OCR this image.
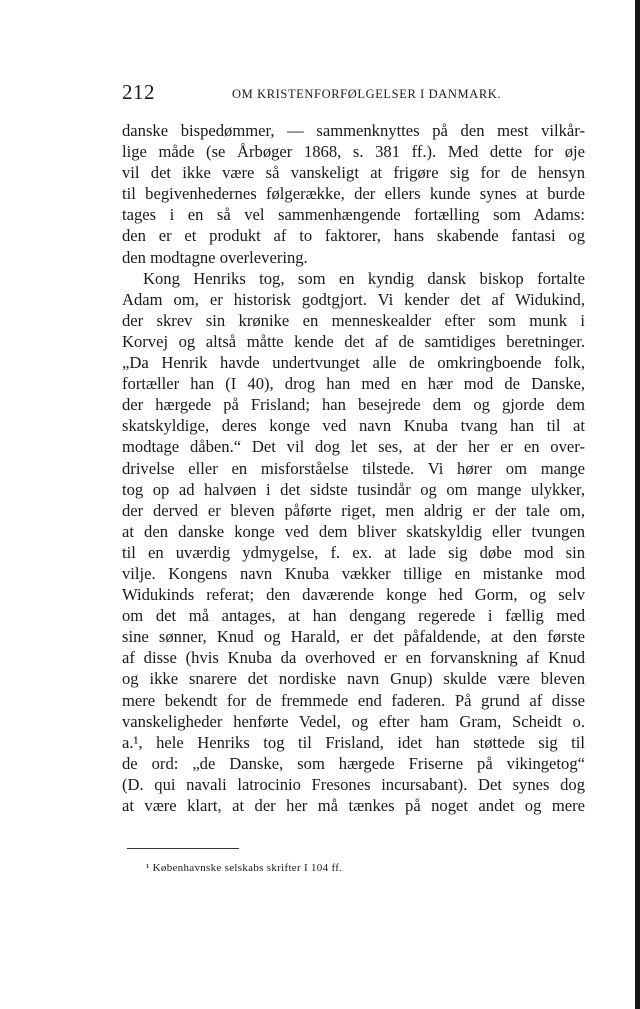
212	OM KRISTENFORFØLGELSER I DANMARK.
danske bispedømmer, — sammenknyttes på den mest vilkår-
lige måde (se Årbøger 1868, s. 381 ff.). Med dette for øje
vil det ikke være så vanskeligt at frigøre sig for de hensyn
til begivenhedernes følgerække, der ellers kunde synes at burde
tages i en så vel sammenhængende fortælling som Adams:
den er et produkt af to faktorer, hans skabende fantasi og
den modtagne overlevering.
Kong Henriks tog, som en kyndig dansk biskop fortalte
Adam om, er historisk godtgjort. Vi kender det af Widukind,
der skrev sin krønike en menneskealder efter som munk i
Korvej og altså måtte kende det af de samtidiges beretninger.
„Da Henrik havde undertvunget alle de omkringboende folk,
fortæller han (I 40), drog han med en hær mod de Danske,
der hærgede på Frisland; han besejrede dem og gjorde dem
skatskyldige, deres konge ved navn Knuba tvang han til at
modtage dåben.“ Det vil dog let ses, at der her er en over-
drivelse eller en misforståelse tilstede. Vi hører om mange
tog op ad halvøen i det sidste tusindår og om mange ulykker,
der derved er bleven påførte riget, men aldrig er der tale om,
at den danske konge ved dem bliver skatskyldig eller tvungen
til en uværdig ydmygelse, f. ex. at lade sig døbe mod sin
vilje. Kongens navn Knuba vækker tillige en mistanke mod
Widukinds referat; den daværende konge hed Gorm, og selv
om det må antages, at han dengang regerede i fællig med
sine sønner, Knud og Harald, er det påfaldende, at den første
af disse (hvis Knuba da overhoved er en forvanskning af Knud
og ikke snarere det nordiske navn Gnup) skulde være bleven
mere bekendt for de fremmede end faderen. På grund af disse
vanskeligheder henførte Vedel, og efter ham Gram, Scheidt o.
a.¹, hele Henriks tog til Frisland, idet han støttede sig til
de ord: „de Danske, som hærgede Friserne på vikingetog“
(D. qui navali latrocinio Fresones incursabant). Det synes dog
at være klart, at der her må tænkes på noget andet og mere
¹ Københavnske selskabs skrifter I 104 ff.
